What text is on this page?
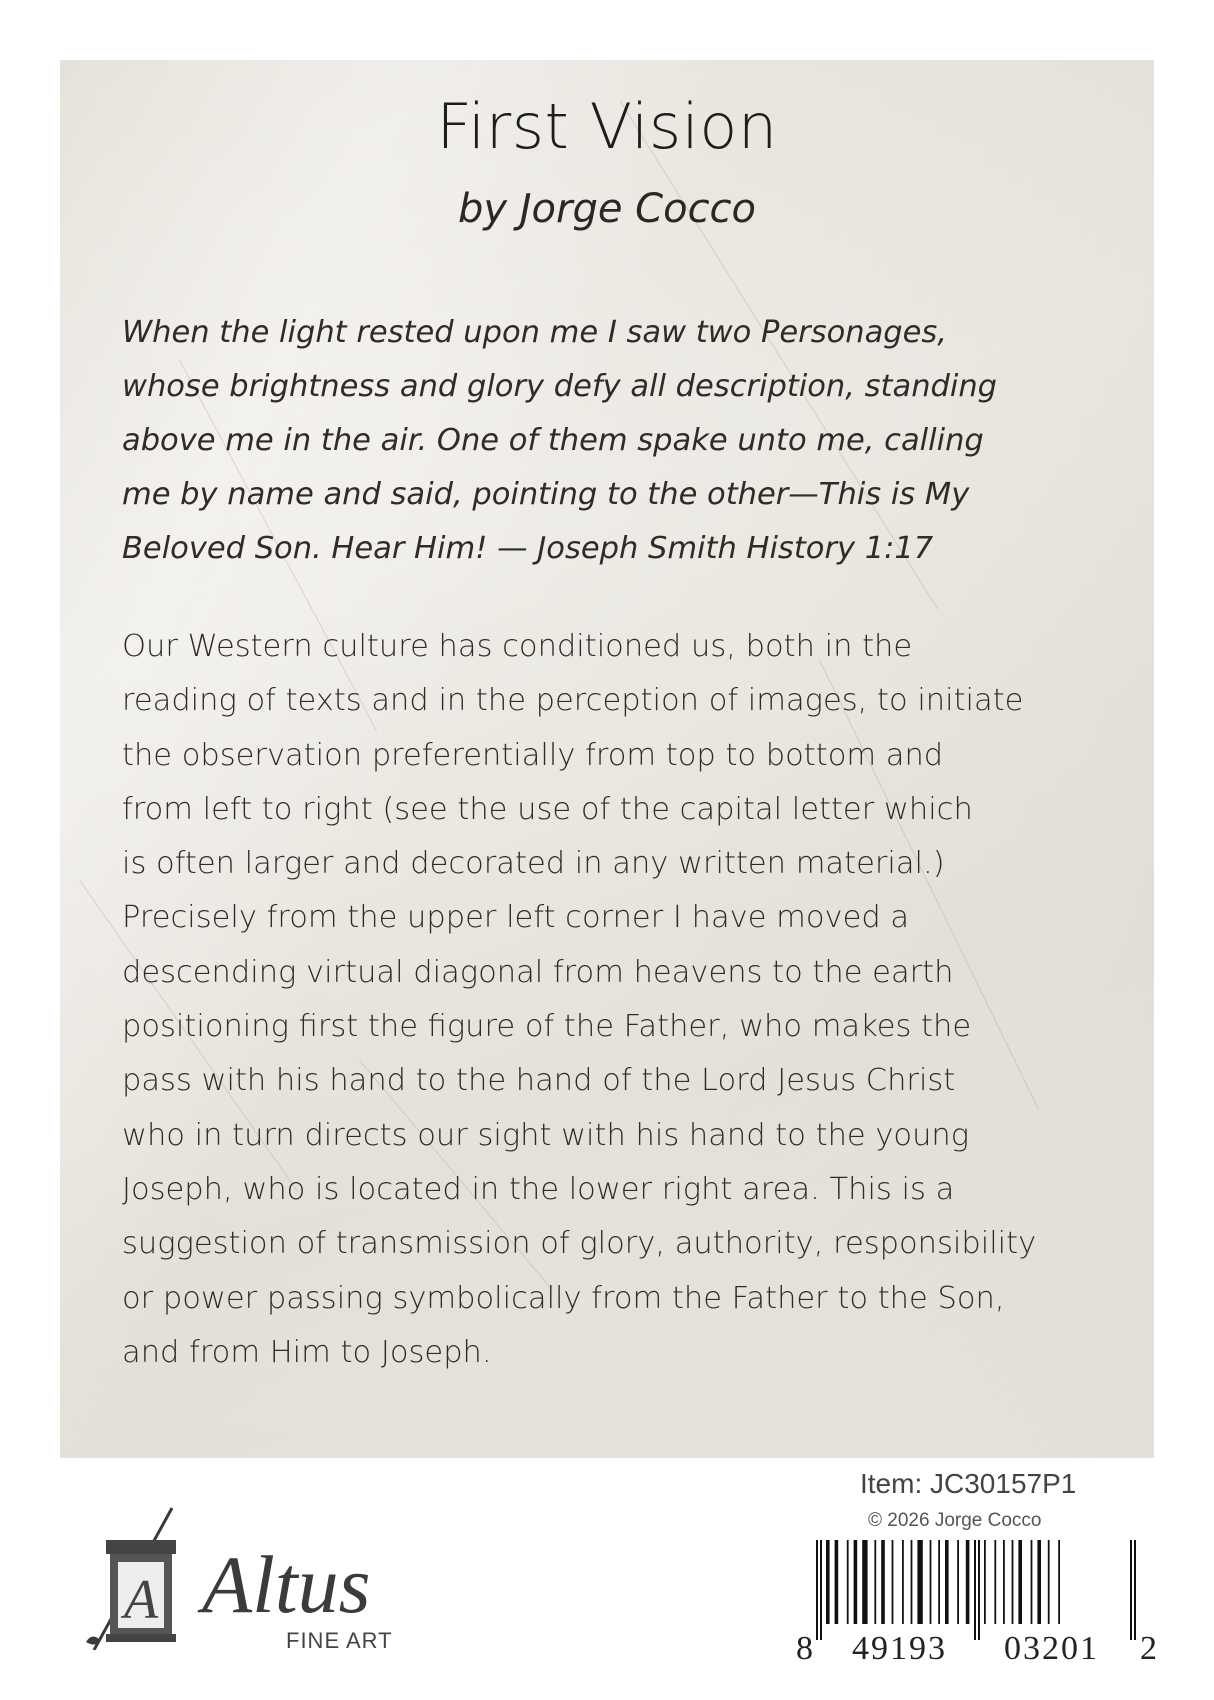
First Vision
by Jorge Cocco

When the light rested upon me I saw two Personages,
whose brightness and glory defy all description, standing
above me in the air. One of them spake unto me, calling
me by name and said, pointing to the other—This is My
Beloved Son. Hear Him! — Joseph Smith History 1:17

Our Western culture has conditioned us, both in the
reading of texts and in the perception of images, to initiate
the observation preferentially from top to bottom and
from left to right (see the use of the capital letter which
is often larger and decorated in any written material.)
Precisely from the upper left corner I have moved a
descending virtual diagonal from heavens to the earth
positioning first the figure of the Father, who makes the
pass with his hand to the hand of the Lord Jesus Christ
who in turn directs our sight with his hand to the young
Joseph, who is located in the lower right area. This is a
suggestion of transmission of glory, authority, responsibility
or power passing symbolically from the Father to the Son,
and from Him to Joseph.

A Altus
FINE ART
Item: JC30157P1
© 2026 Jorge Cocco
8 49193 03201 2
